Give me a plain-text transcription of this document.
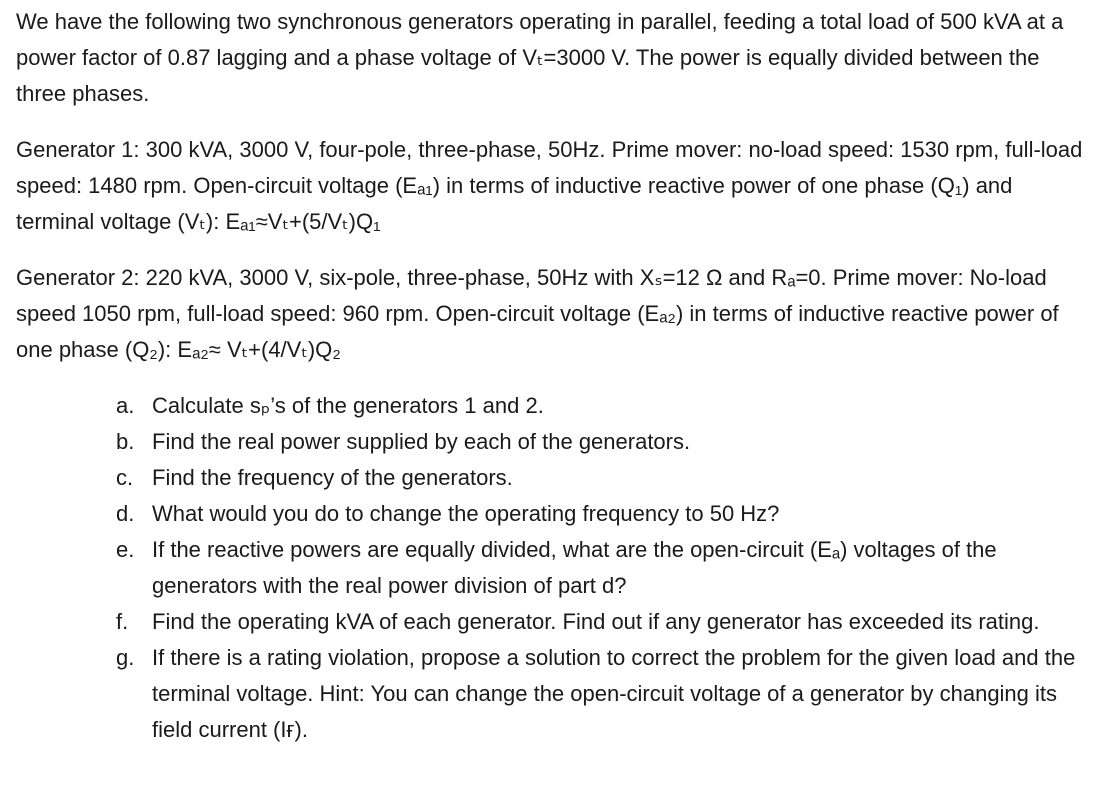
We have the following two synchronous generators operating in parallel, feeding a total load of 500 kVA at a power factor of 0.87 lagging and a phase voltage of Vₜ=3000 V. The power is equally divided between the three phases.

Generator 1: 300 kVA, 3000 V, four-pole, three-phase, 50Hz. Prime mover: no-load speed: 1530 rpm, full-load speed: 1480 rpm. Open-circuit voltage (Eₐ₁) in terms of inductive reactive power of one phase (Q₁) and terminal voltage (Vₜ): Eₐ₁≈Vₜ+(5/Vₜ)Q₁

Generator 2: 220 kVA, 3000 V, six-pole, three-phase, 50Hz with Xₛ=12 Ω and Rₐ=0. Prime mover: No-load speed 1050 rpm, full-load speed: 960 rpm. Open-circuit voltage (Eₐ₂) in terms of inductive reactive power of one phase (Q₂): Eₐ₂≈ Vₜ+(4/Vₜ)Q₂

a. Calculate sₚ’s of the generators 1 and 2.
b. Find the real power supplied by each of the generators.
c. Find the frequency of the generators.
d. What would you do to change the operating frequency to 50 Hz?
e. If the reactive powers are equally divided, what are the open-circuit (Eₐ) voltages of the generators with the real power division of part d?
f.	Find the operating kVA of each generator. Find out if any generator has exceeded its rating.
g. If there is a rating violation, propose a solution to correct the problem for the given load and the terminal voltage. Hint: You can change the open-circuit voltage of a generator by changing its field current (Iғ).
